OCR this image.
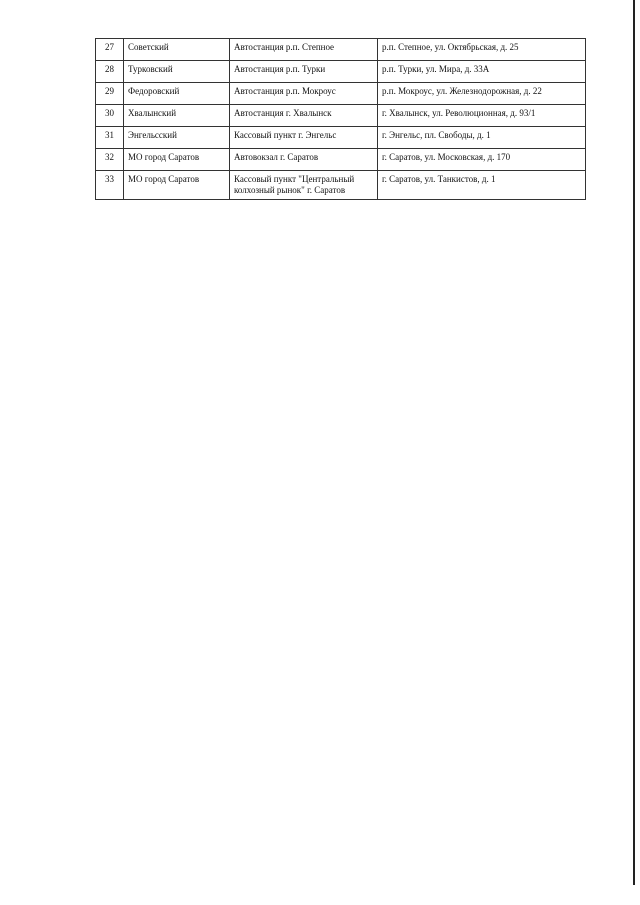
27	Советский	Автостанция р.п. Степное	р.п. Степное, ул. Октябрьская, д. 25
28	Турковский	Автостанция р.п. Турки	р.п. Турки, ул. Мира, д. 33А
29	Федоровский	Автостанция р.п. Мокроус	р.п. Мокроус, ул. Железнодорожная, д. 22
30	Хвалынский	Автостанция г. Хвалынск	г. Хвалынск, ул. Революционная, д. 93/1
31	Энгельсский	Кассовый пункт г. Энгельс	г. Энгельс, пл. Свободы, д. 1
32	МО город Саратов	Автовокзал г. Саратов	г. Саратов, ул. Московская, д. 170
33	МО город Саратов	Кассовый пункт "Центральный колхозный рынок" г. Саратов	г. Саратов, ул. Танкистов, д. 1
